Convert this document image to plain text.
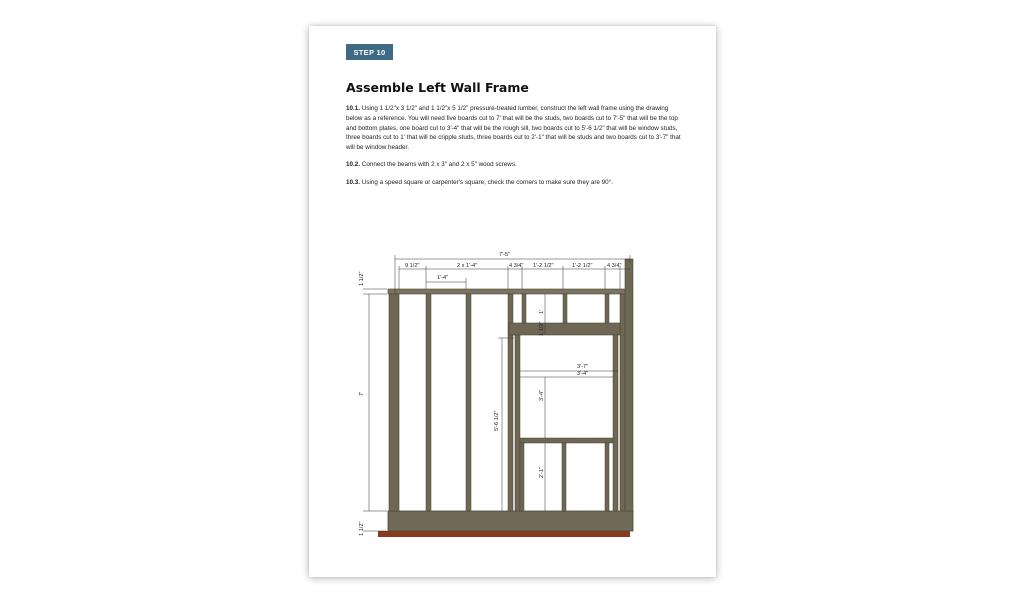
STEP 10
Assemble Left Wall Frame

10.1. Using 1 1/2"x 3 1/2" and 1 1/2"x 5 1/2" pressure-treated lumber, construct the left wall frame using the drawing below as a reference. You will need five boards cut to 7' that will be the studs, two boards cut to 7'-5" that will be the top and bottom plates, one board cut to 3'-4" that will be the rough sill, two boards cut to 5'-6 1/2" that will be window studs, three boards cut to 1' that will be cripple studs, three boards cut to 2'-1" that will be studs and two boards cut to 3'-7" that will be window header.

10.2. Connect the beams with 2 x 3" and 2 x 5" wood screws.

10.3. Using a speed square or carpenter's square, check the corners to make sure they are 90°.

7'-5"
9 1/2"	2 x 1'-4"
1'-4"
4 3/4" 1'-2 1/2"	1'-2 1/2"	4 3/4"
1 1/2"
7'
1 1/2"
5'-6 1/2"
3'-7"
3'-4"
1'
1 1/2"
3'-4"
2'-1"
